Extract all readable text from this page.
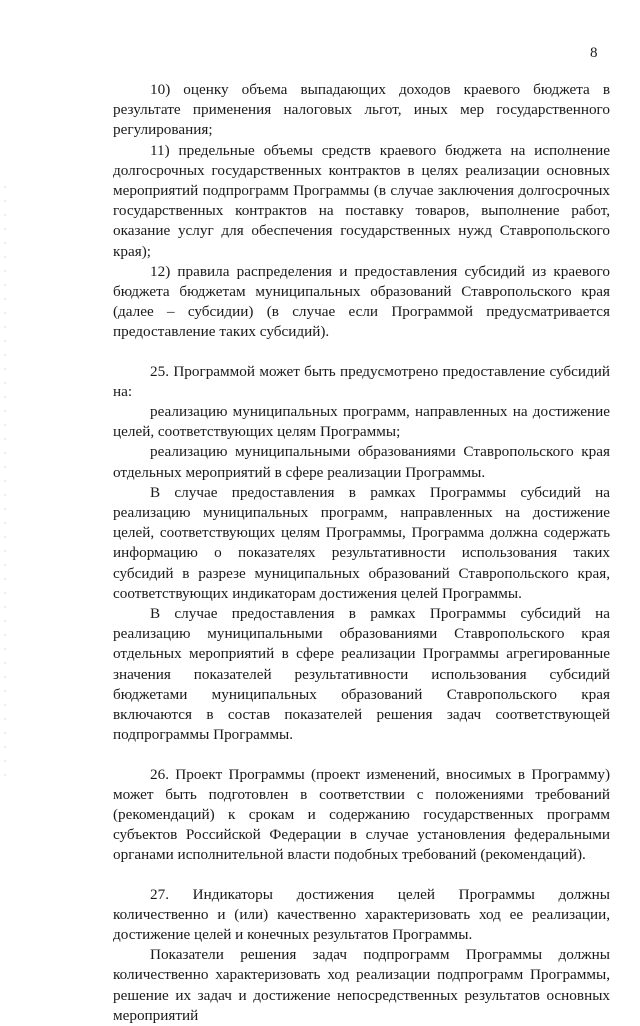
8

10) оценку объема выпадающих доходов краевого бюджета в результате применения налоговых льгот, иных мер государственного регулирования;

11) предельные объемы средств краевого бюджета на исполнение долгосрочных государственных контрактов в целях реализации основных мероприятий подпрограмм Программы (в случае заключения долгосрочных государственных контрактов на поставку товаров, выполнение работ, оказание услуг для обеспечения государственных нужд Ставропольского края);

12) правила распределения и предоставления субсидий из краевого бюджета бюджетам муниципальных образований Ставропольского края (далее – субсидии) (в случае если Программой предусматривается предоставление таких субсидий).

25. Программой может быть предусмотрено предоставление субсидий на:

реализацию муниципальных программ, направленных на достижение целей, соответствующих целям Программы;

реализацию муниципальными образованиями Ставропольского края отдельных мероприятий в сфере реализации Программы.

В случае предоставления в рамках Программы субсидий на реализацию муниципальных программ, направленных на достижение целей, соответствующих целям Программы, Программа должна содержать информацию о показателях результативности использования таких субсидий в разрезе муниципальных образований Ставропольского края, соответствующих индикаторам достижения целей Программы.

В случае предоставления в рамках Программы субсидий на реализацию муниципальными образованиями Ставропольского края отдельных мероприятий в сфере реализации Программы агрегированные значения показателей результативности использования субсидий бюджетами муниципальных образований Ставропольского края включаются в состав показателей решения задач соответствующей подпрограммы Программы.

26. Проект Программы (проект изменений, вносимых в Программу) может быть подготовлен в соответствии с положениями требований (рекомендаций) к срокам и содержанию государственных программ субъектов Российской Федерации в случае установления федеральными органами исполнительной власти подобных требований (рекомендаций).

27. Индикаторы достижения целей Программы должны количественно и (или) качественно характеризовать ход ее реализации, достижение целей и конечных результатов Программы.

Показатели решения задач подпрограмм Программы должны количественно характеризовать ход реализации подпрограмм Программы, решение их задач и достижение непосредственных результатов основных мероприятий
